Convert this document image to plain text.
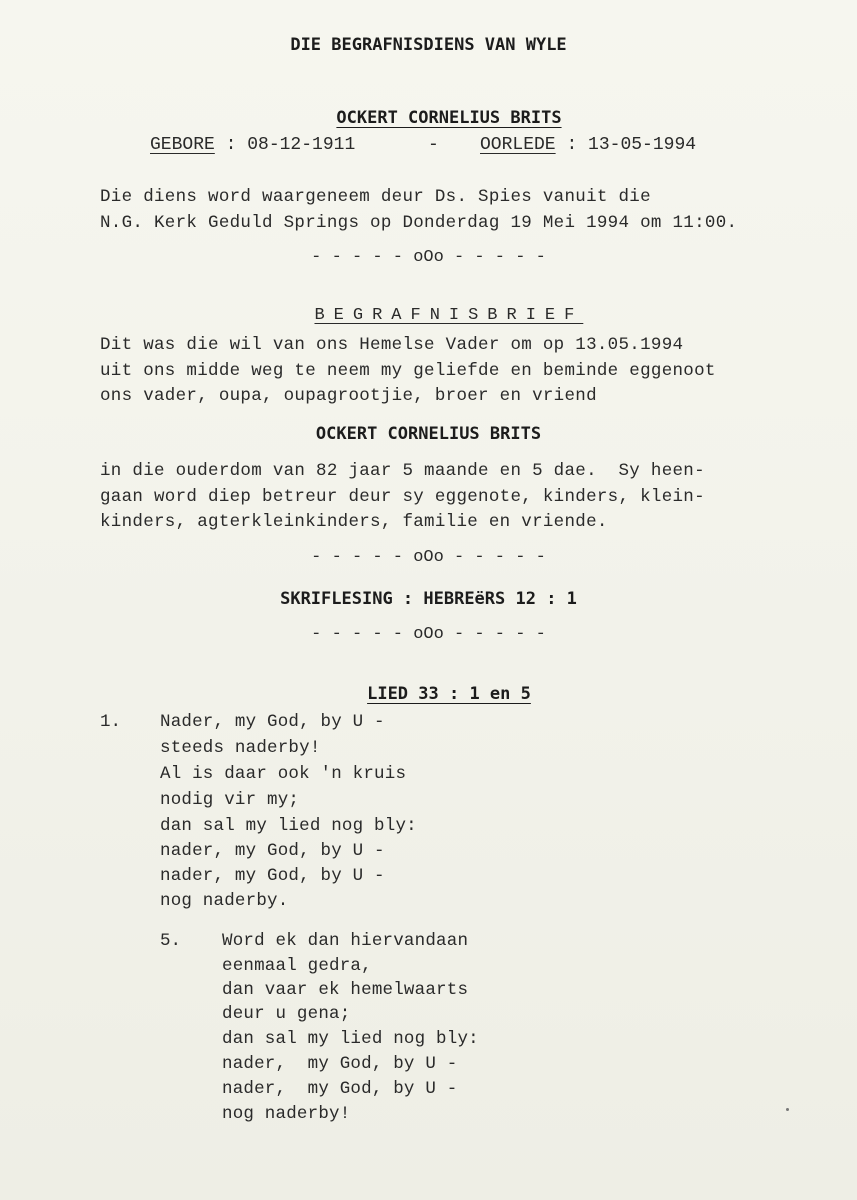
DIE BEGRAFNISDIENS VAN WYLE

OCKERT CORNELIUS BRITS

GEBORE : 08-12-1911	- OORLEDE : 13-05-1994
Die diens word waargeneem deur Ds. Spies vanuit die
N.G. Kerk Geduld Springs op Donderdag 19 Mei 1994 om 11:00.
- - - - - oOo - - - - -

BEGRAFNISBRIEF

Dit was die wil van ons Hemelse Vader om op 13.05.1994
uit ons midde weg te neem my geliefde en beminde eggenoot
ons vader, oupa, oupagrootjie, broer en vriend
OCKERT CORNELIUS BRITS
in die ouderdom van 82 jaar 5 maande en 5 dae.  Sy heen-
gaan word diep betreur deur sy eggenote, kinders, klein-
kinders, agterkleinkinders, familie en vriende.
- - - - - oOo - - - - -
SKRIFLESING : HEBREëRS 12 : 1
- - - - - oOo - - - - -

LIED 33 : 1 en 5

1. Nader, my God, by U -
steeds naderby!
Al is daar ook 'n kruis
nodig vir my;
dan sal my lied nog bly:
nader, my God, by U -
nader, my God, by U -
nog naderby.
5. Word ek dan hiervandaan
eenmaal gedra,
dan vaar ek hemelwaarts
deur u gena;
dan sal my lied nog bly:
nader,  my God, by U -
nader,  my God, by U -
nog naderby!
